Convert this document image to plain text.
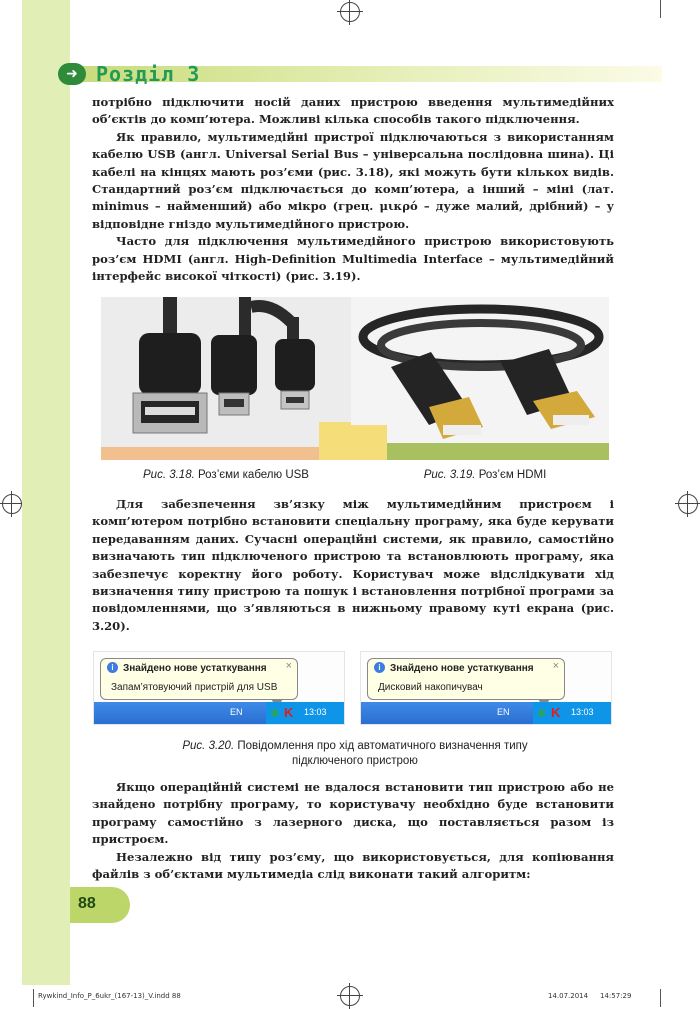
➜ Розділ 3

потрібно підключити носій даних пристрою введення мультимедійних об’єктів до комп’ютера. Можливі кілька способів такого підключення.

Як правило, мультимедійні пристрої підключаються з використанням кабелю USB (англ. Universal Serial Bus – універсальна послідовна шина). Ці кабелі на кінцях мають роз’єми (рис. 3.18), які можуть бути кількох видів. Стандартний роз’єм підключається до комп’ютера, а інший – міні (лат. minimus – найменший) або мікро (грец. μικρό – дуже малий, дрібний) – у відповідне гніздо мультимедійного пристрою.

Часто для підключення мультимедійного пристрою використовують роз’єм HDMI (англ. High-Definition Multimedia Interface – мультимедійний інтерфейс високої чіткості) (рис. 3.19).

Рис. 3.18. Роз’єми кабелю USB	Рис. 3.19. Роз’єм HDMI

Для забезпечення зв’язку між мультимедійним пристроєм і комп’ютером потрібно встановити спеціальну програму, яка буде керувати передаванням даних. Сучасні операційні системи, як правило, самостійно визначають тип підключеного пристрою та встановлюють програму, яка забезпечує коректну його роботу. Користувач може відслідкувати хід визначення типу пристрою та пошук і встановлення потрібної програми за повідомленнями, що з’являються в нижньому правому куті екрана (рис. 3.20).

i Знайдено нове устаткування ×
Запам’ятовуючий пристрій для USB
EN ✱ K 13:03
i Знайдено нове устаткування ×
Дисковий накопичувач
EN ✱ K 13:03
Рис. 3.20. Повідомлення про хід автоматичного визначення типу підключеного пристрою

Якщо операційній системі не вдалося встановити тип пристрою або не знайдено потрібну програму, то користувачу необхідно буде встановити програму самостійно з лазерного диска, що поставляється разом із пристроєм.

Незалежно від типу роз’єму, що використовується, для копіювання файлів з об’єктами мультимедіа слід виконати такий алгоритм:

88
Rywkind_Info_P_6ukr_(167-13)_V.indd 88	14.07.2014 14:57:29
